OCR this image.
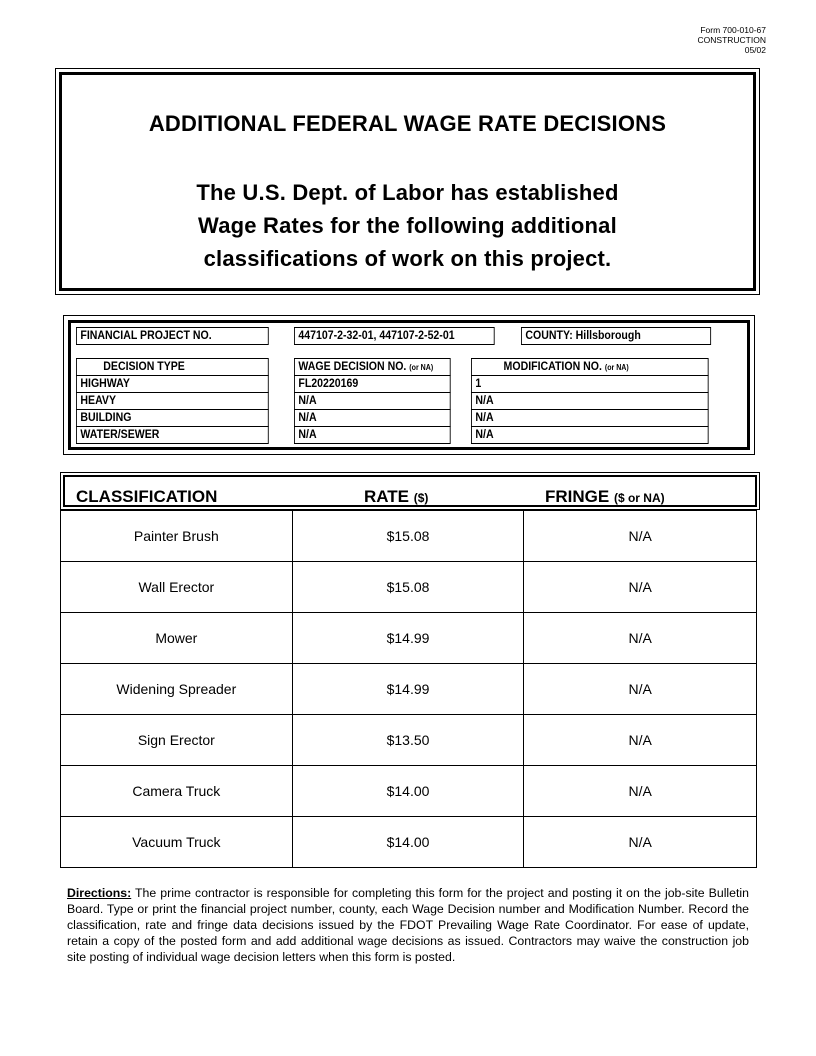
Form 700-010-67
CONSTRUCTION
05/02
ADDITIONAL FEDERAL WAGE RATE DECISIONS
The U.S. Dept. of Labor has established
Wage Rates for the following additional
classifications of work on this project.
FINANCIAL PROJECT NO.	447107-2-32-01, 447107-2-52-01	COUNTY: Hillsborough
DECISION TYPE	WAGE DECISION NO. (or NA)	MODIFICATION NO. (or NA)
HIGHWAY	FL20220169	1
HEAVY	N/A	N/A
BUILDING	N/A	N/A
WATER/SEWER	N/A	N/A
CLASSIFICATION	RATE ($)	FRINGE ($ or NA)
Painter Brush	$15.08	N/A
Wall Erector	$15.08	N/A
Mower	$14.99	N/A
Widening Spreader	$14.99	N/A
Sign Erector	$13.50	N/A
Camera Truck	$14.00	N/A
Vacuum Truck	$14.00	N/A
Directions: The prime contractor is responsible for completing this form for the project and posting it on the job-site Bulletin Board. Type or print the financial project number, county, each Wage Decision number and Modification Number. Record the classification, rate and fringe data decisions issued by the FDOT Prevailing Wage Rate Coordinator. For ease of update, retain a copy of the posted form and add additional wage decisions as issued. Contractors may waive the construction job site posting of individual wage decision letters when this form is posted.
